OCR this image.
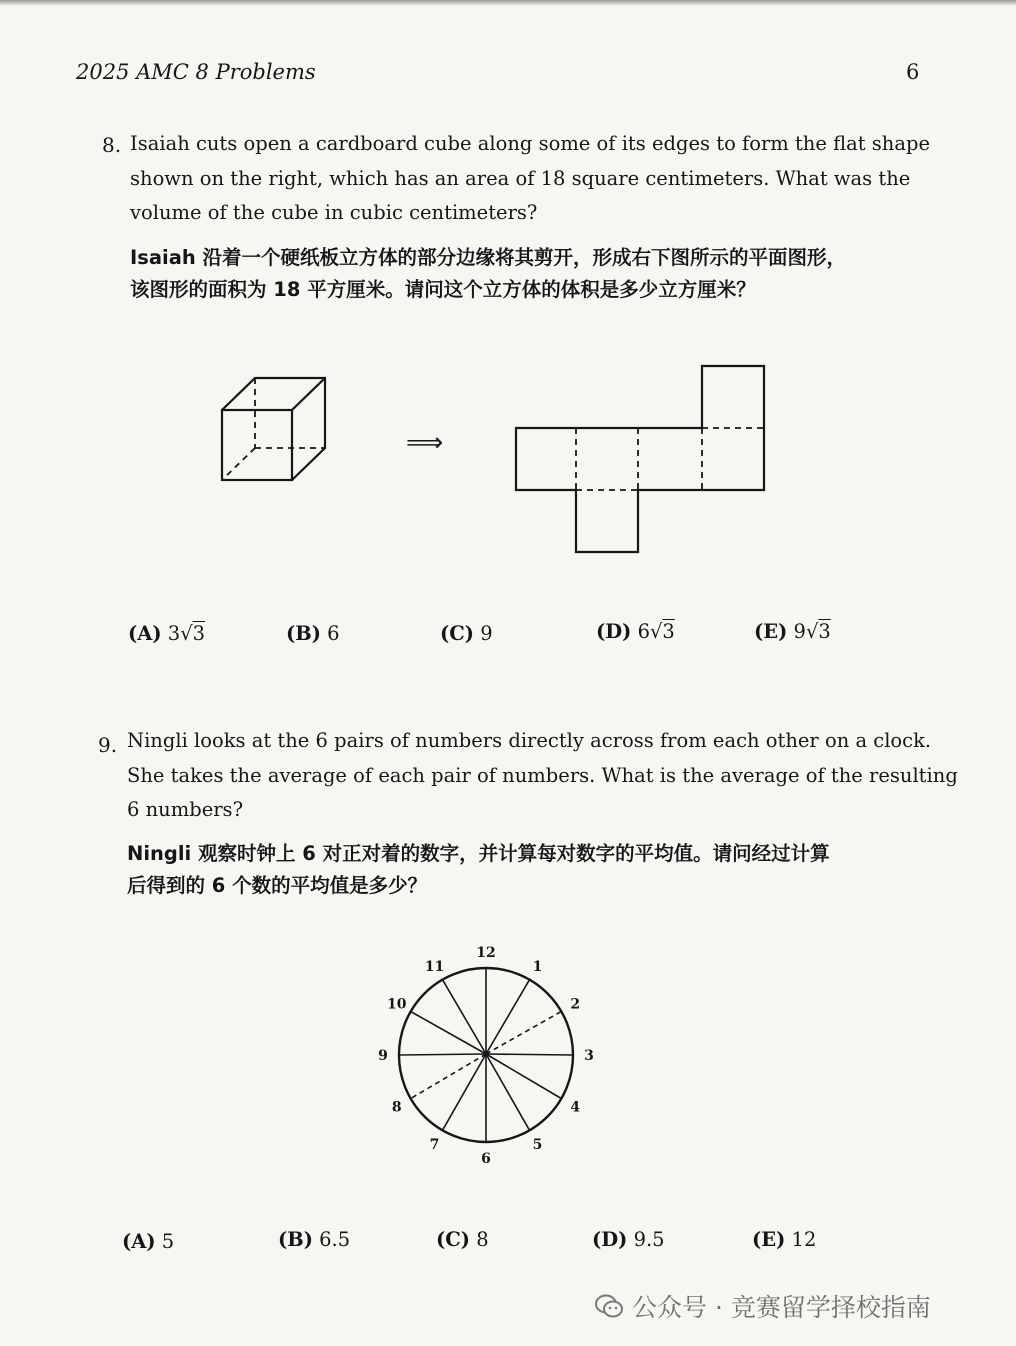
2025 AMC 8 Problems	6
8. Isaiah cuts open a cardboard cube along some of its edges to form the flat shape
shown on the right, which has an area of 18 square centimeters. What was the
volume of the cube in cubic centimeters?
Isaiah 沿着一个硬纸板立方体的部分边缘将其剪开，形成右下图所示的平面图形，
该图形的面积为 18 平方厘米。请问这个立方体的体积是多少立方厘米？
⟹
(A) 3√3	(B) 6	(C) 9	(D) 6√3	(E) 9√3
9. Ningli looks at the 6 pairs of numbers directly across from each other on a clock.
She takes the average of each pair of numbers. What is the average of the resulting
6 numbers?
Ningli 观察时钟上 6 对正对着的数字，并计算每对数字的平均值。请问经过计算
后得到的 6 个数的平均值是多少？
12
1
2
3
4
5
6
7
8
9
10
11
(A) 5	(B) 6.5	(C) 8	(D) 9.5	(E) 12
公众号 · 竞赛留学择校指南
